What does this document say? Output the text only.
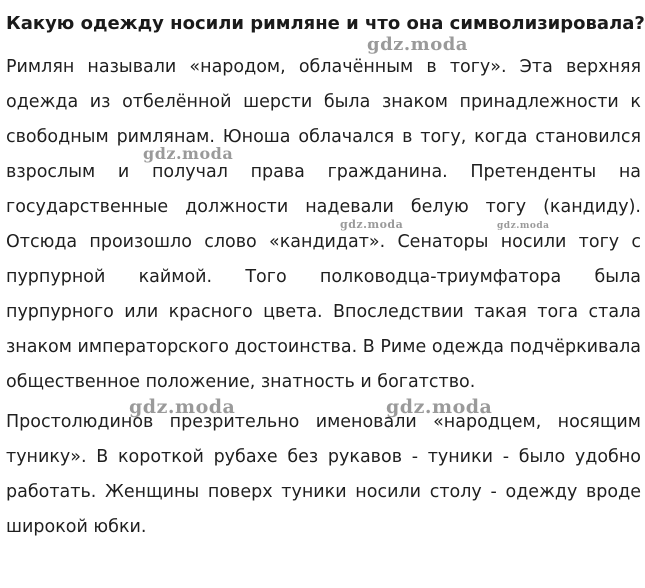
Какую одежду носили римляне и что она символизировала?

Римлян называли «народом, облачённым в тогу». Эта верхняя одежда из отбелённой шерсти была знаком принадлежности к свободным римлянам. Юноша облачался в тогу, когда становился взрослым и получал права гражданина. Претенденты на государственные должности надевали белую тогу (кандиду). Отсюда произошло слово «кандидат». Сенаторы носили тогу с пурпурной каймой. Того полководца-триумфатора была пурпурного или красного цвета. Впоследствии такая тога стала знаком императорского достоинства. В Риме одежда подчёркивала общественное положение, знатность и богатство.

Простолюдинов презрительно именовали «народцем, носящим тунику». В короткой рубахе без рукавов - туники - было удобно работать. Женщины поверх туники носили столу - одежду вроде широкой юбки.

gdz.moda
gdz.moda
gdz.moda	gdz.moda
gdz.moda	gdz.moda
